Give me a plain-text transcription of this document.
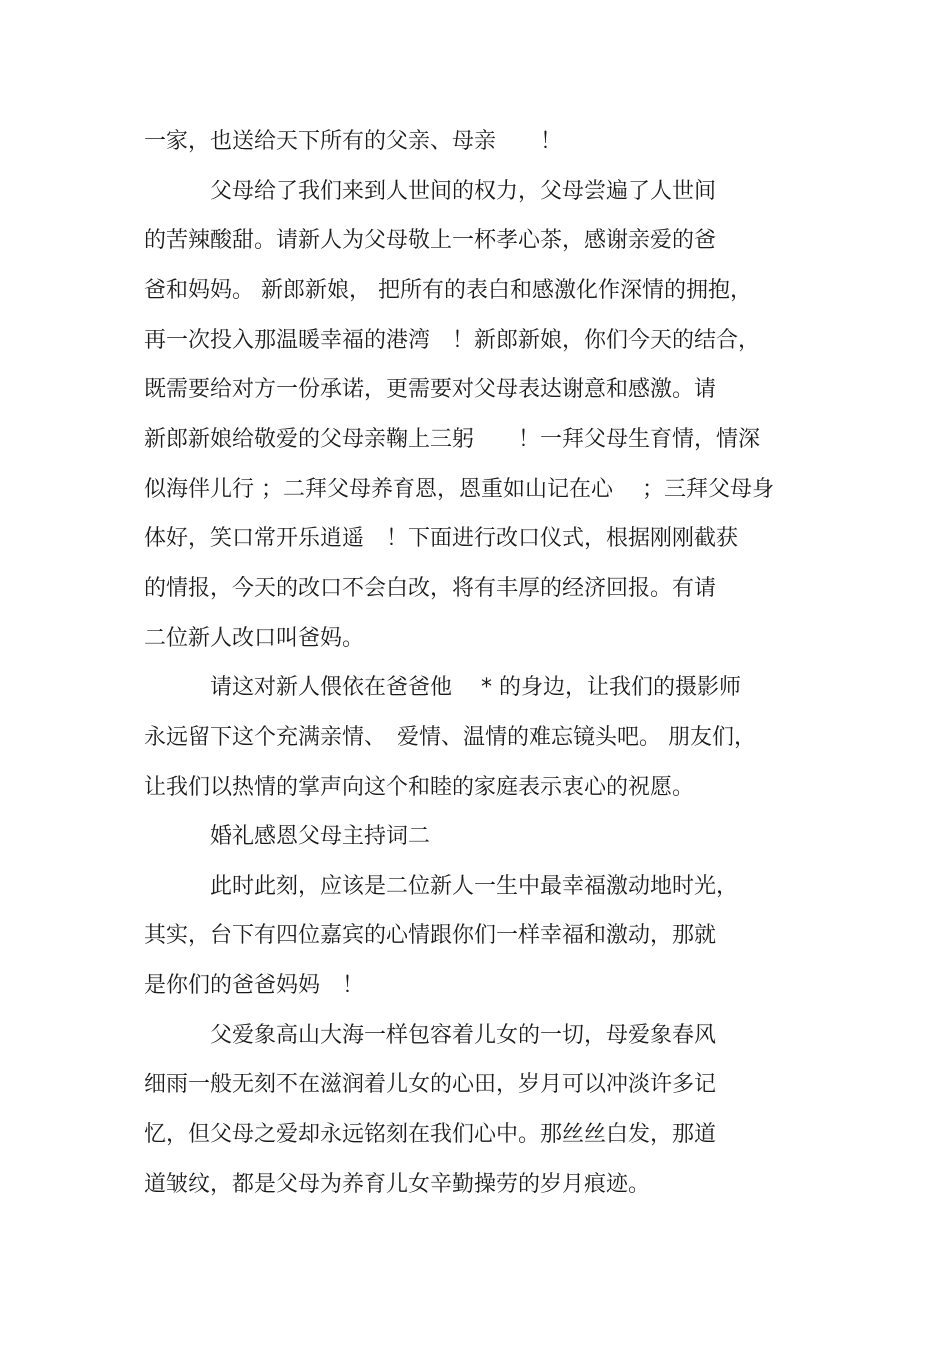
一家，也送给天下所有的父亲、母亲　　！

　　　父母给了我们来到人世间的权力，父母尝遍了人世间

的苦辣酸甜。请新人为父母敬上一杯孝心茶，感谢亲爱的爸

爸和妈妈。 新郎新娘， 把所有的表白和感激化作深情的拥抱，

再一次投入那温暖幸福的港湾　！新郎新娘，你们今天的结合，

既需要给对方一份承诺，更需要对父母表达谢意和感激。请

新郎新娘给敬爱的父母亲鞠上三躬　　！一拜父母生育情，情深

似海伴儿行 ；二拜父母养育恩，恩重如山记在心　 ；三拜父母身

体好，笑口常开乐逍遥　！下面进行改口仪式，根据刚刚截获

的情报，今天的改口不会白改，将有丰厚的经济回报。有请

二位新人改口叫爸妈。

　　　请这对新人偎依在爸爸他　 * 的身边，让我们的摄影师

永远留下这个充满亲情、　爱情、温情的难忘镜头吧。 朋友们，

让我们以热情的掌声向这个和睦的家庭表示衷心的祝愿。

　　　婚礼感恩父母主持词二

　　　此时此刻，应该是二位新人一生中最幸福激动地时光，

其实，台下有四位嘉宾的心情跟你们一样幸福和激动，那就

是你们的爸爸妈妈　！

　　　父爱象高山大海一样包容着儿女的一切，母爱象春风

细雨一般无刻不在滋润着儿女的心田，岁月可以冲淡许多记

忆，但父母之爱却永远铭刻在我们心中。那丝丝白发，那道

道皱纹，都是父母为养育儿女辛勤操劳的岁月痕迹。
